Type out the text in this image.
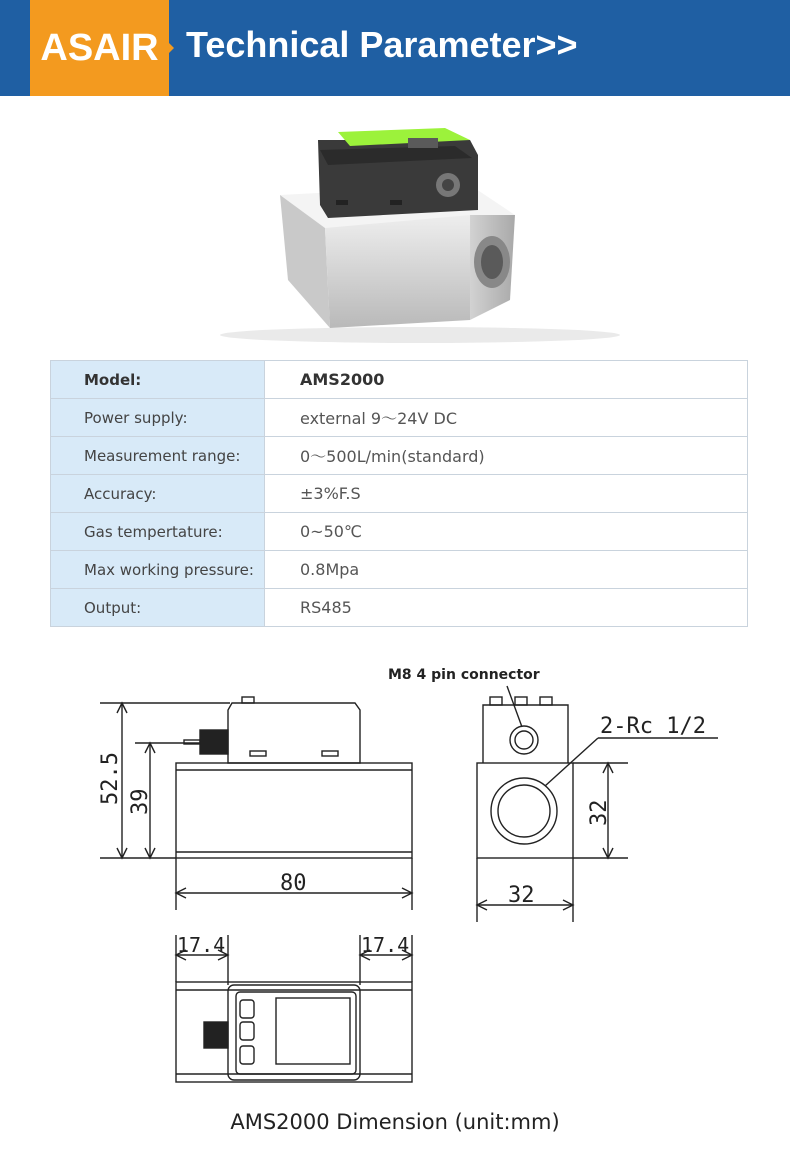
ASAIR Technical Parameter>>
Model:	AMS2000
Power supply:	external 9～24V DC
Measurement range:	0～500L/min(standard)
Accuracy:	±3%F.S
Gas tempertature:	0~50℃
Max working pressure:	0.8Mpa
Output:	RS485
M8 4 pin connector
2-Rc 1/2
52.5 39
80
32
32
17.4	17.4
AMS2000 Dimension (unit:mm)
